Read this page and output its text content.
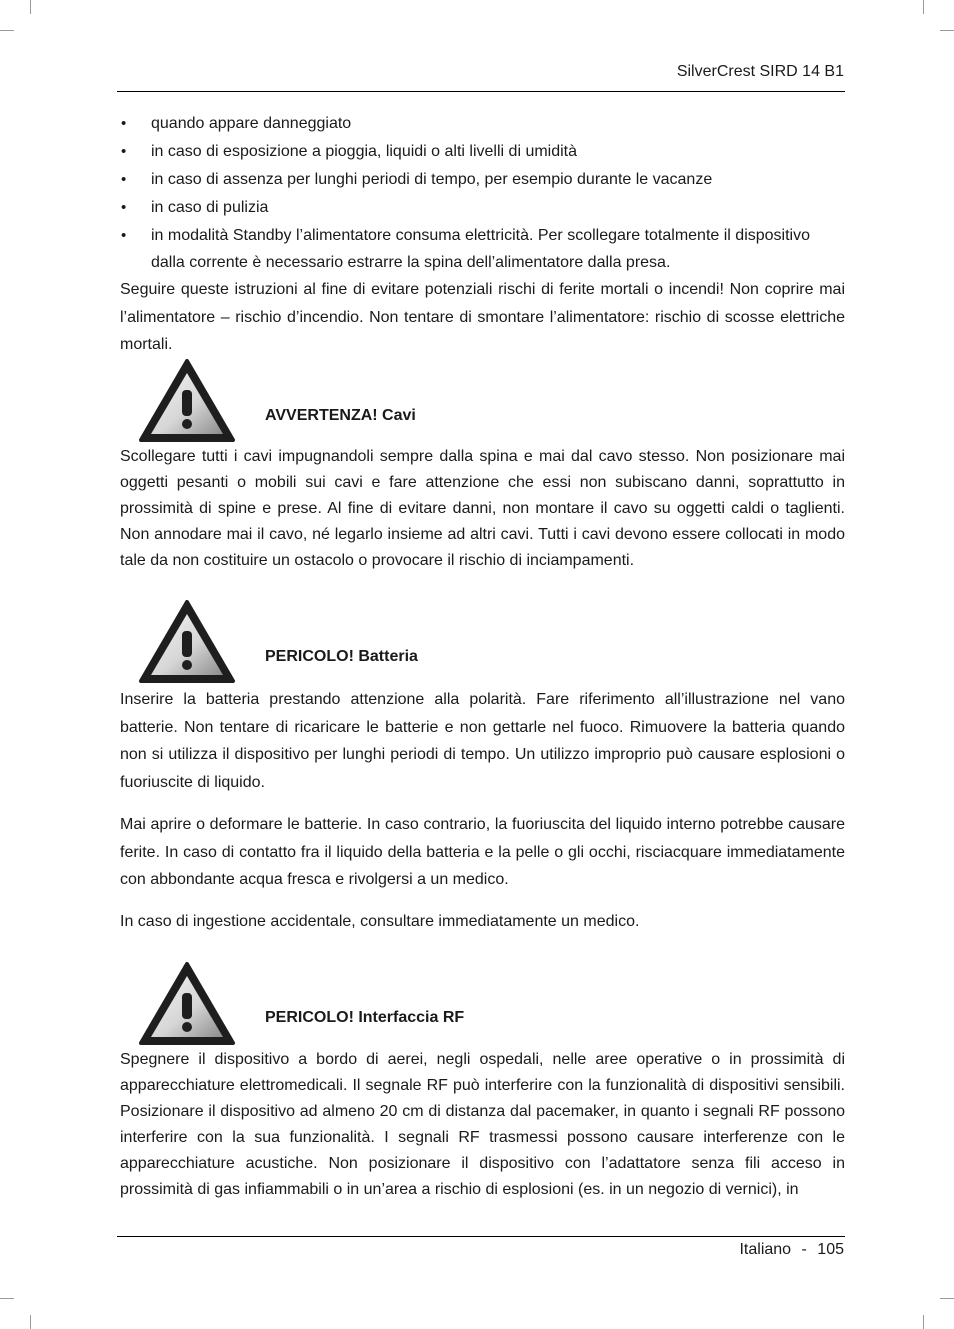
SilverCrest SIRD 14 B1
• quando appare danneggiato
• in caso di esposizione a pioggia, liquidi o alti livelli di umidità
• in caso di assenza per lunghi periodi di tempo, per esempio durante le vacanze
• in caso di pulizia
• in modalità Standby l’alimentatore consuma elettricità. Per scollegare totalmente il dispositivo dalla corrente è necessario estrarre la spina dell’alimentatore dalla presa.
Seguire queste istruzioni al fine di evitare potenziali rischi di ferite mortali o incendi! Non coprire mai l’alimentatore – rischio d’incendio. Non tentare di smontare l’alimentatore: rischio di scosse elettriche mortali.
AVVERTENZA! Cavi
Scollegare tutti i cavi impugnandoli sempre dalla spina e mai dal cavo stesso. Non posizionare mai oggetti pesanti o mobili sui cavi e fare attenzione che essi non subiscano danni, soprattutto in prossimità di spine e prese. Al fine di evitare danni, non montare il cavo su oggetti caldi o taglienti. Non annodare mai il cavo, né legarlo insieme ad altri cavi. Tutti i cavi devono essere collocati in modo tale da non costituire un ostacolo o provocare il rischio di inciampamenti.
PERICOLO! Batteria
Inserire la batteria prestando attenzione alla polarità. Fare riferimento all’illustrazione nel vano batterie. Non tentare di ricaricare le batterie e non gettarle nel fuoco. Rimuovere la batteria quando non si utilizza il dispositivo per lunghi periodi di tempo. Un utilizzo improprio può causare esplosioni o fuoriuscite di liquido.
Mai aprire o deformare le batterie. In caso contrario, la fuoriuscita del liquido interno potrebbe causare ferite. In caso di contatto fra il liquido della batteria e la pelle o gli occhi, risciacquare immediatamente con abbondante acqua fresca e rivolgersi a un medico.
In caso di ingestione accidentale, consultare immediatamente un medico.
PERICOLO! Interfaccia RF
Spegnere il dispositivo a bordo di aerei, negli ospedali, nelle aree operative o in prossimità di apparecchiature elettromedicali. Il segnale RF può interferire con la funzionalità di dispositivi sensibili. Posizionare il dispositivo ad almeno 20 cm di distanza dal pacemaker, in quanto i segnali RF possono interferire con la sua funzionalità. I segnali RF trasmessi possono causare interferenze con le apparecchiature acustiche. Non posizionare il dispositivo con l’adattatore senza fili acceso in prossimità di gas infiammabili o in un’area a rischio di esplosioni (es. in un negozio di vernici), in
Italiano - 105
